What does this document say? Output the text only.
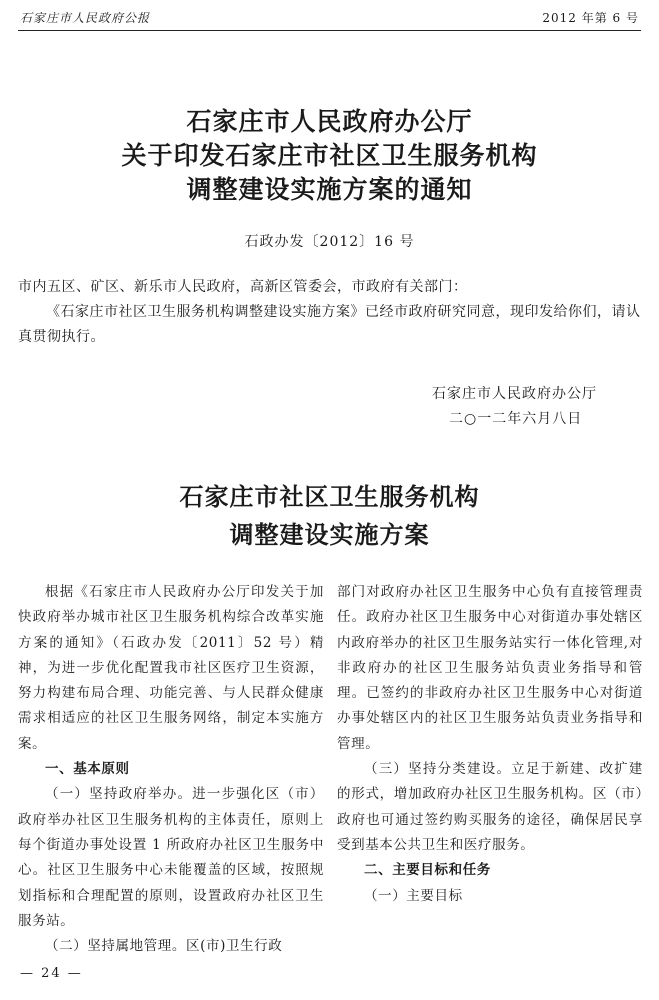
石家庄市人民政府公报	2012 年第 6 号
石家庄市人民政府办公厅
关于印发石家庄市社区卫生服务机构
调整建设实施方案的通知
石政办发〔2012〕16 号
市内五区、矿区、新乐市人民政府，高新区管委会，市政府有关部门：
《石家庄市社区卫生服务机构调整建设实施方案》已经市政府研究同意，现印发给你们，请认真贯彻执行。
石家庄市人民政府办公厅
二○一二年六月八日
石家庄市社区卫生服务机构
调整建设实施方案

根据《石家庄市人民政府办公厅印发关于加快政府举办城市社区卫生服务机构综合改革实施方案的通知》（石政办发〔2011〕52 号）精神，为进一步优化配置我市社区医疗卫生资源，努力构建布局合理、功能完善、与人民群众健康需求相适应的社区卫生服务网络，制定本实施方案。

一、基本原则

（一）坚持政府举办。进一步强化区（市）政府举办社区卫生服务机构的主体责任，原则上每个街道办事处设置 1 所政府办社区卫生服务中心。社区卫生服务中心未能覆盖的区域，按照规划指标和合理配置的原则，设置政府办社区卫生服务站。

（二）坚持属地管理。区(市)卫生行政

部门对政府办社区卫生服务中心负有直接管理责任。政府办社区卫生服务中心对街道办事处辖区内政府举办的社区卫生服务站实行一体化管理,对非政府办的社区卫生服务站负责业务指导和管理。已签约的非政府办社区卫生服务中心对街道办事处辖区内的社区卫生服务站负责业务指导和管理。

（三）坚持分类建设。立足于新建、改扩建的形式，增加政府办社区卫生服务机构。区（市）政府也可通过签约购买服务的途径，确保居民享受到基本公共卫生和医疗服务。

二、主要目标和任务

（一）主要目标

— 24 —
